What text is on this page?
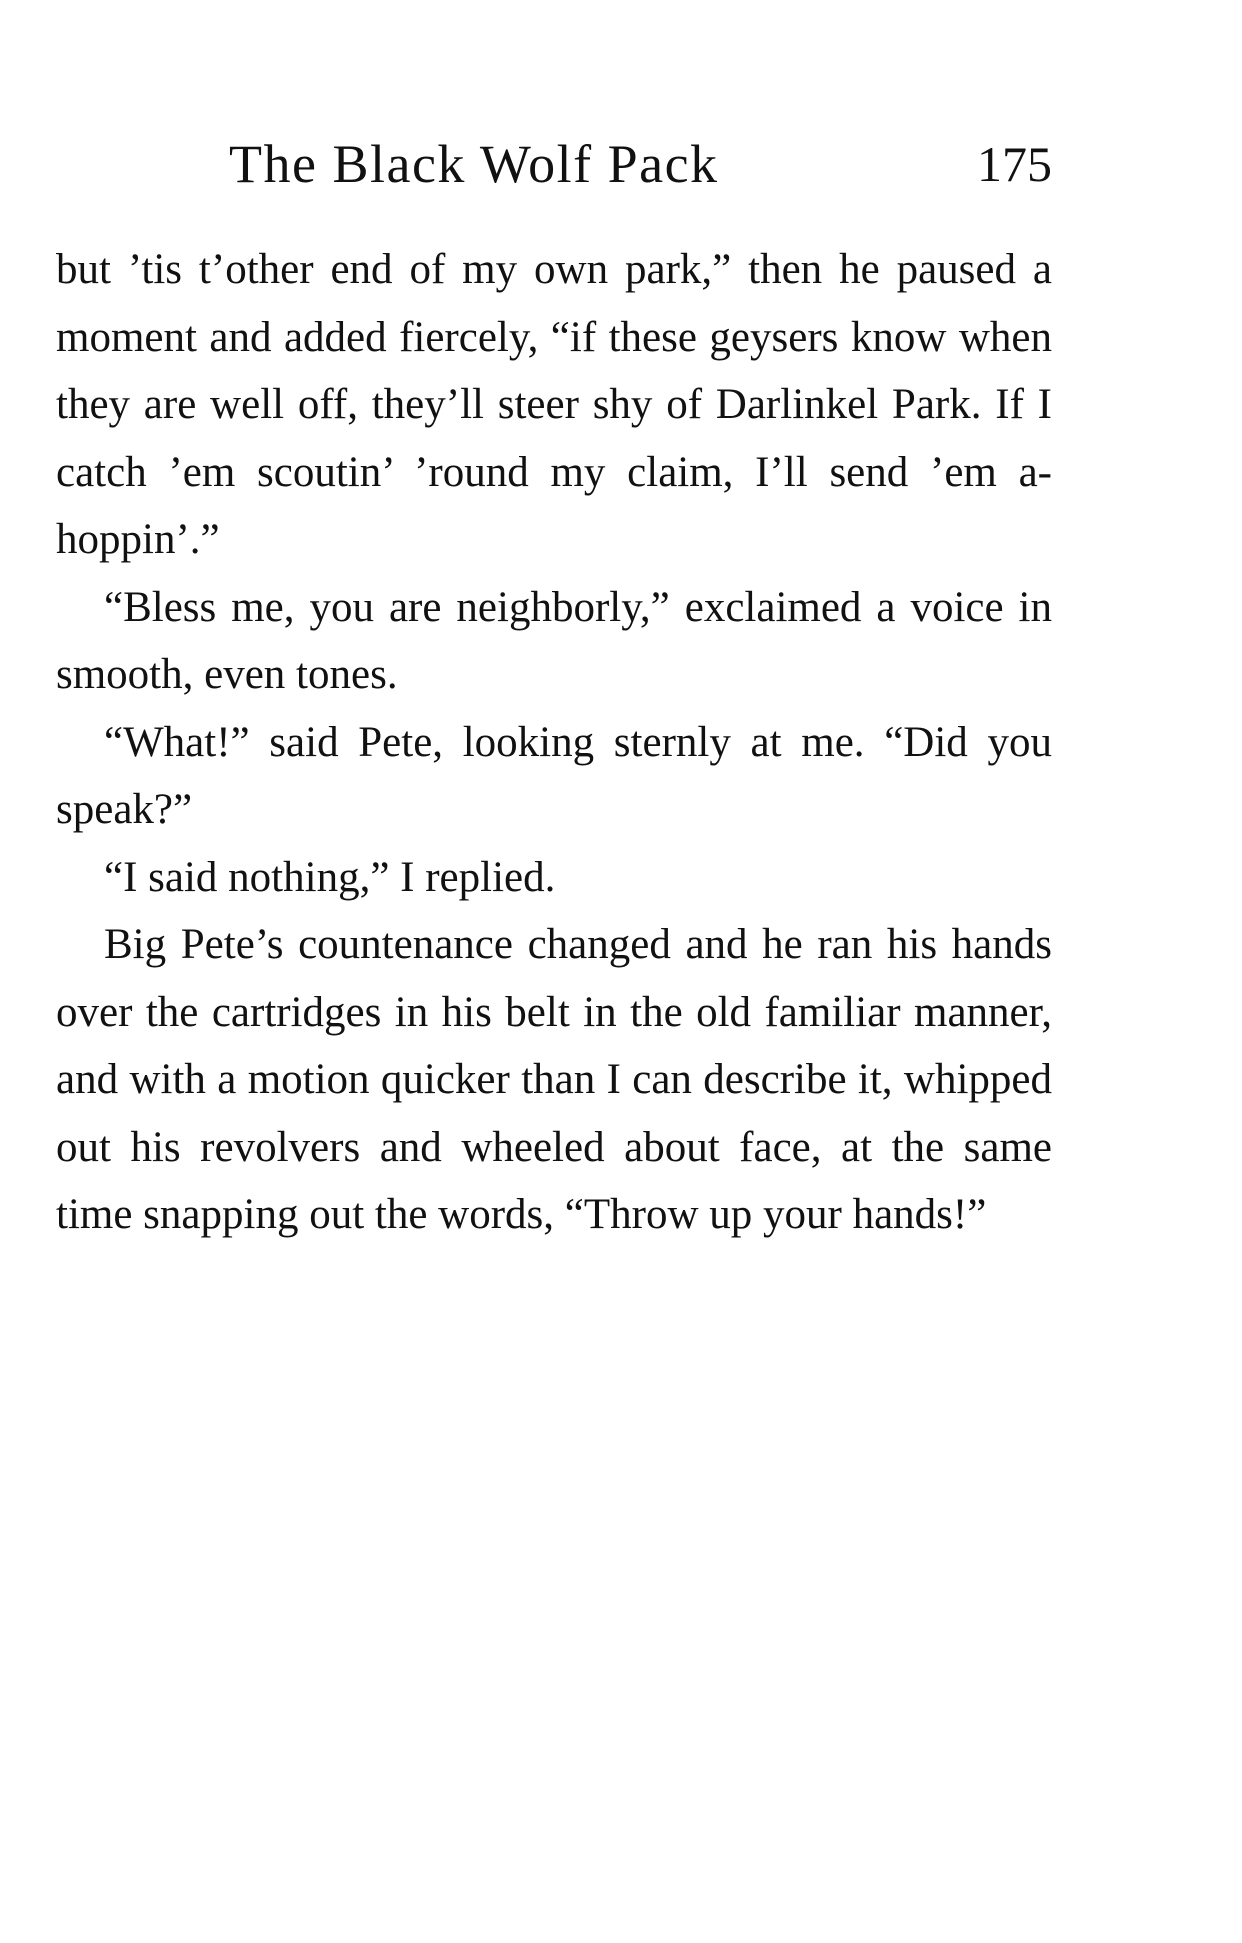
The Black Wolf Pack	175

but ’tis t’other end of my own park,” then he paused a moment and added fiercely, “if these geysers know when they are well off, they’ll steer shy of Darlinkel Park. If I catch ’em scoutin’ ’round my claim, I’ll send ’em a-hoppin’.”

“Bless me, you are neighborly,” exclaimed a voice in smooth, even tones.

“What!” said Pete, looking sternly at me. “Did you speak?”

“I said nothing,” I replied.

Big Pete’s countenance changed and he ran his hands over the cartridges in his belt in the old familiar manner, and with a motion quicker than I can describe it, whipped out his revolvers and wheeled about face, at the same time snapping out the words, “Throw up your hands!”
